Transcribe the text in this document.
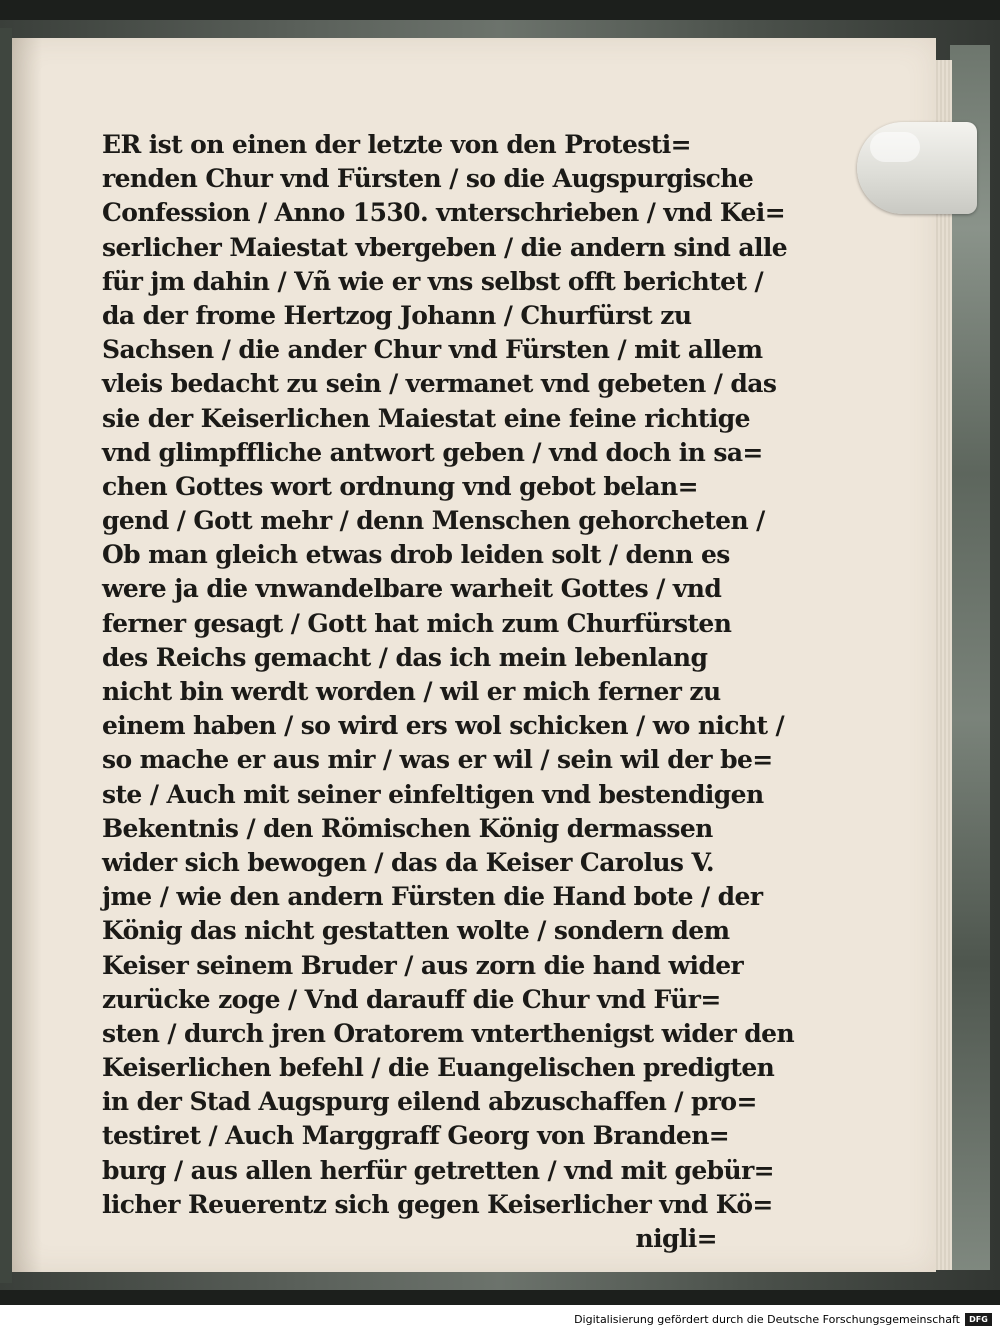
ER ist on einen der letzte von den Protesti=
renden Chur vnd Fürsten / so die Augspurgische
Confession / Anno 1530. vnterschrieben / vnd Kei=
serlicher Maiestat vbergeben / die andern sind alle
für jm dahin / Vñ wie er vns selbst offt berichtet /
da der frome Hertzog Johann / Churfürst zu
Sachsen / die ander Chur vnd Fürsten / mit allem
vleis bedacht zu sein / vermanet vnd gebeten / das
sie der Keiserlichen Maiestat eine feine richtige
vnd glimpffliche antwort geben / vnd doch in sa=
chen Gottes wort ordnung vnd gebot belan=
gend / Gott mehr / denn Menschen gehorcheten /
Ob man gleich etwas drob leiden solt / denn es
were ja die vnwandelbare warheit Gottes / vnd
ferner gesagt / Gott hat mich zum Churfürsten
des Reichs gemacht / das ich mein lebenlang
nicht bin werdt worden / wil er mich ferner zu
einem haben / so wird ers wol schicken / wo nicht /
so mache er aus mir / was er wil / sein wil der be=
ste / Auch mit seiner einfeltigen vnd bestendigen
Bekentnis / den Römischen König dermassen
wider sich bewogen / das da Keiser Carolus V.
jme / wie den andern Fürsten die Hand bote / der
König das nicht gestatten wolte / sondern dem
Keiser seinem Bruder / aus zorn die hand wider
zurücke zoge / Vnd darauff die Chur vnd Für=
sten / durch jren Oratorem vnterthenigst wider den
Keiserlichen befehl / die Euangelischen predigten
in der Stad Augspurg eilend abzuschaffen / pro=
testiret / Auch Marggraff Georg von Branden=
burg / aus allen herfür getretten / vnd mit gebür=
licher Reuerentz sich gegen Keiserlicher vnd Kö=
nigli=
Digitalisierung gefördert durch die Deutsche Forschungsgemeinschaft	DFG
